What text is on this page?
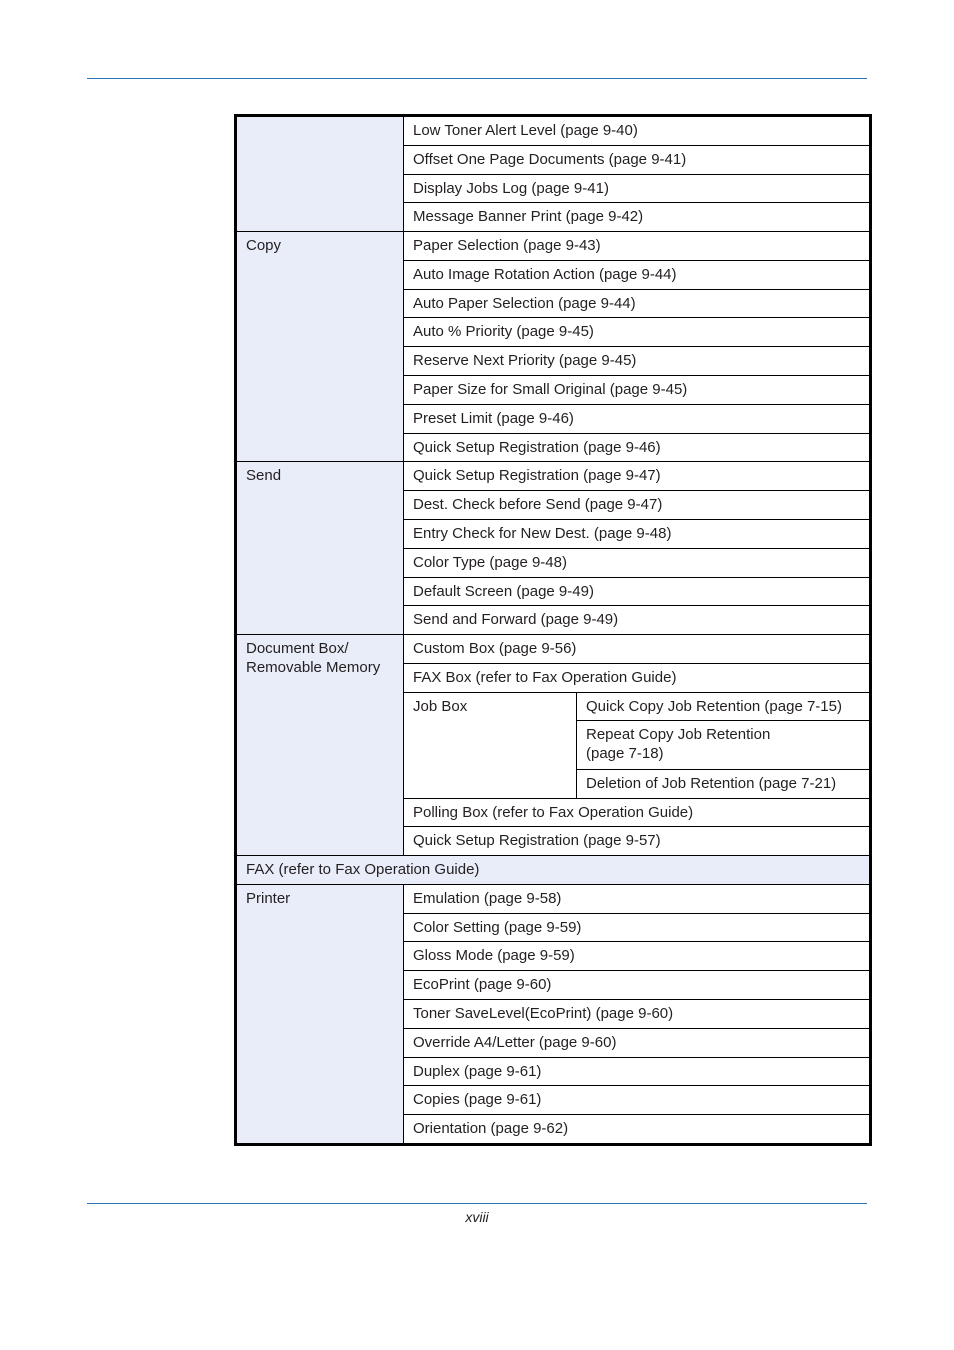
	Low Toner Alert Level (page 9-40)	
	Offset One Page Documents (page 9-41)	
	Display Jobs Log (page 9-41)	
	Message Banner Print (page 9-42)	
Copy	Paper Selection (page 9-43)	
	Auto Image Rotation Action (page 9-44)	
	Auto Paper Selection (page 9-44)	
	Auto % Priority (page 9-45)	
	Reserve Next Priority (page 9-45)	
	Paper Size for Small Original (page 9-45)	
	Preset Limit (page 9-46)	
	Quick Setup Registration (page 9-46)	
Send	Quick Setup Registration (page 9-47)	
	Dest. Check before Send (page 9-47)	
	Entry Check for New Dest. (page 9-48)	
	Color Type (page 9-48)	
	Default Screen (page 9-49)	
	Send and Forward (page 9-49)	
Document Box/
Removable Memory	Custom Box (page 9-56)	
	FAX Box (refer to Fax Operation Guide)	
	Job Box	Quick Copy Job Retention (page 7-15)
		Repeat Copy Job Retention
(page 7-18)
		Deletion of Job Retention (page 7-21)
	Polling Box (refer to Fax Operation Guide)	
	Quick Setup Registration (page 9-57)	
FAX (refer to Fax Operation Guide)		
Printer	Emulation (page 9-58)	
	Color Setting (page 9-59)	
	Gloss Mode (page 9-59)	
	EcoPrint (page 9-60)	
	Toner SaveLevel(EcoPrint) (page 9-60)	
	Override A4/Letter (page 9-60)	
	Duplex (page 9-61)	
	Copies (page 9-61)	
	Orientation (page 9-62)	
xviii
